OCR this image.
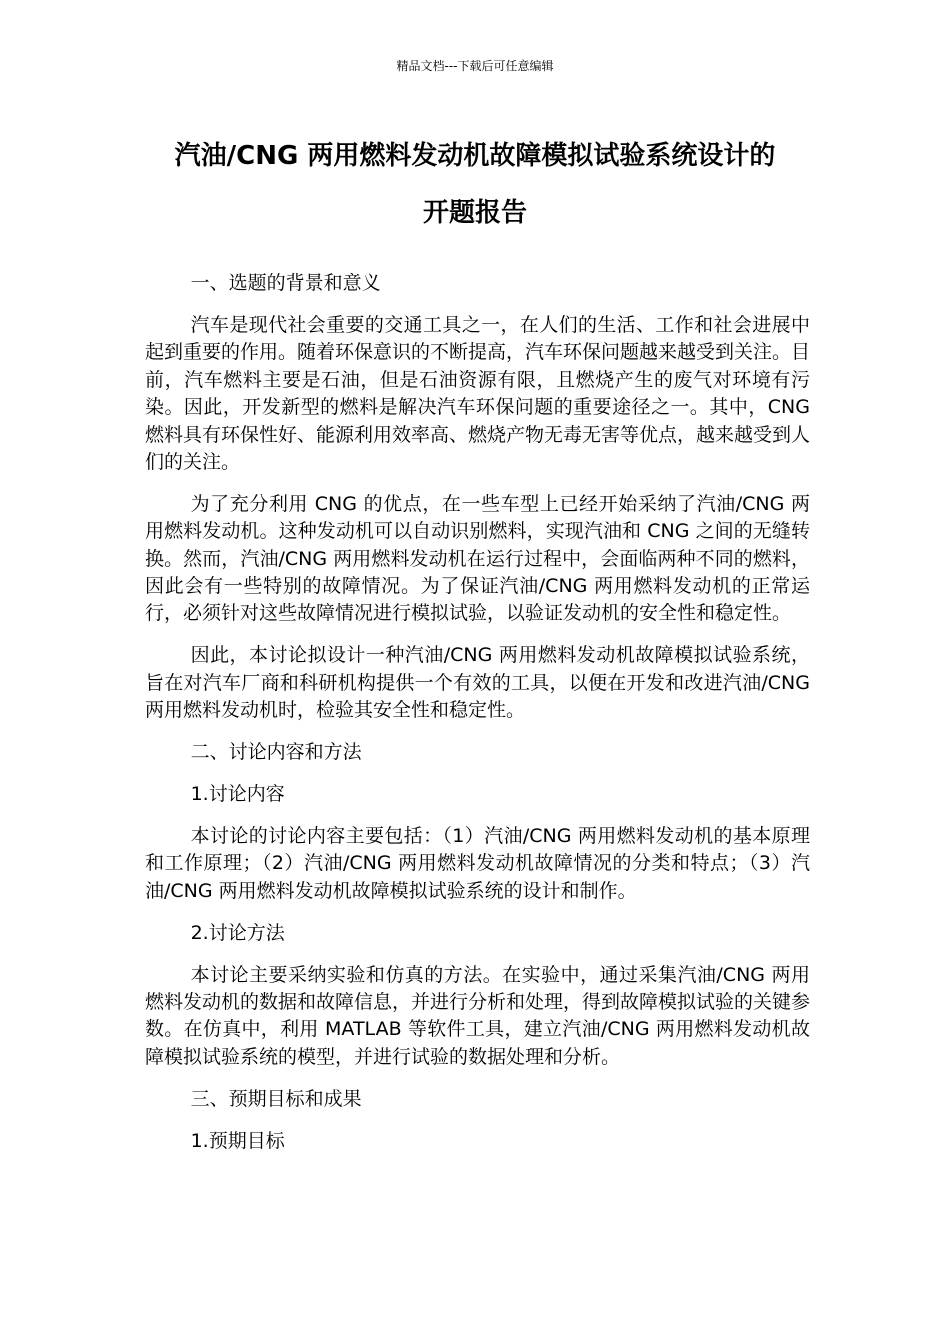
精品文档---下载后可任意编辑
汽油/CNG 两用燃料发动机故障模拟试验系统设计的
开题报告

一、选题的背景和意义

汽车是现代社会重要的交通工具之一，在人们的生活、工作和社会进展中起到重要的作用。随着环保意识的不断提高，汽车环保问题越来越受到关注。目前，汽车燃料主要是石油，但是石油资源有限，且燃烧产生的废气对环境有污染。因此，开发新型的燃料是解决汽车环保问题的重要途径之一。其中，CNG 燃料具有环保性好、能源利用效率高、燃烧产物无毒无害等优点，越来越受到人们的关注。

为了充分利用 CNG 的优点，在一些车型上已经开始采纳了汽油/CNG 两用燃料发动机。这种发动机可以自动识别燃料，实现汽油和 CNG 之间的无缝转换。然而，汽油/CNG 两用燃料发动机在运行过程中，会面临两种不同的燃料，因此会有一些特别的故障情况。为了保证汽油/CNG 两用燃料发动机的正常运行，必须针对这些故障情况进行模拟试验，以验证发动机的安全性和稳定性。

因此，本讨论拟设计一种汽油/CNG 两用燃料发动机故障模拟试验系统，旨在对汽车厂商和科研机构提供一个有效的工具，以便在开发和改进汽油/CNG 两用燃料发动机时，检验其安全性和稳定性。

二、讨论内容和方法

1.讨论内容

本讨论的讨论内容主要包括：（1）汽油/CNG 两用燃料发动机的基本原理和工作原理；（2）汽油/CNG 两用燃料发动机故障情况的分类和特点；（3）汽油/CNG 两用燃料发动机故障模拟试验系统的设计和制作。

2.讨论方法

本讨论主要采纳实验和仿真的方法。在实验中，通过采集汽油/CNG 两用燃料发动机的数据和故障信息，并进行分析和处理，得到故障模拟试验的关键参数。在仿真中，利用 MATLAB 等软件工具，建立汽油/CNG 两用燃料发动机故障模拟试验系统的模型，并进行试验的数据处理和分析。

三、预期目标和成果

1.预期目标
